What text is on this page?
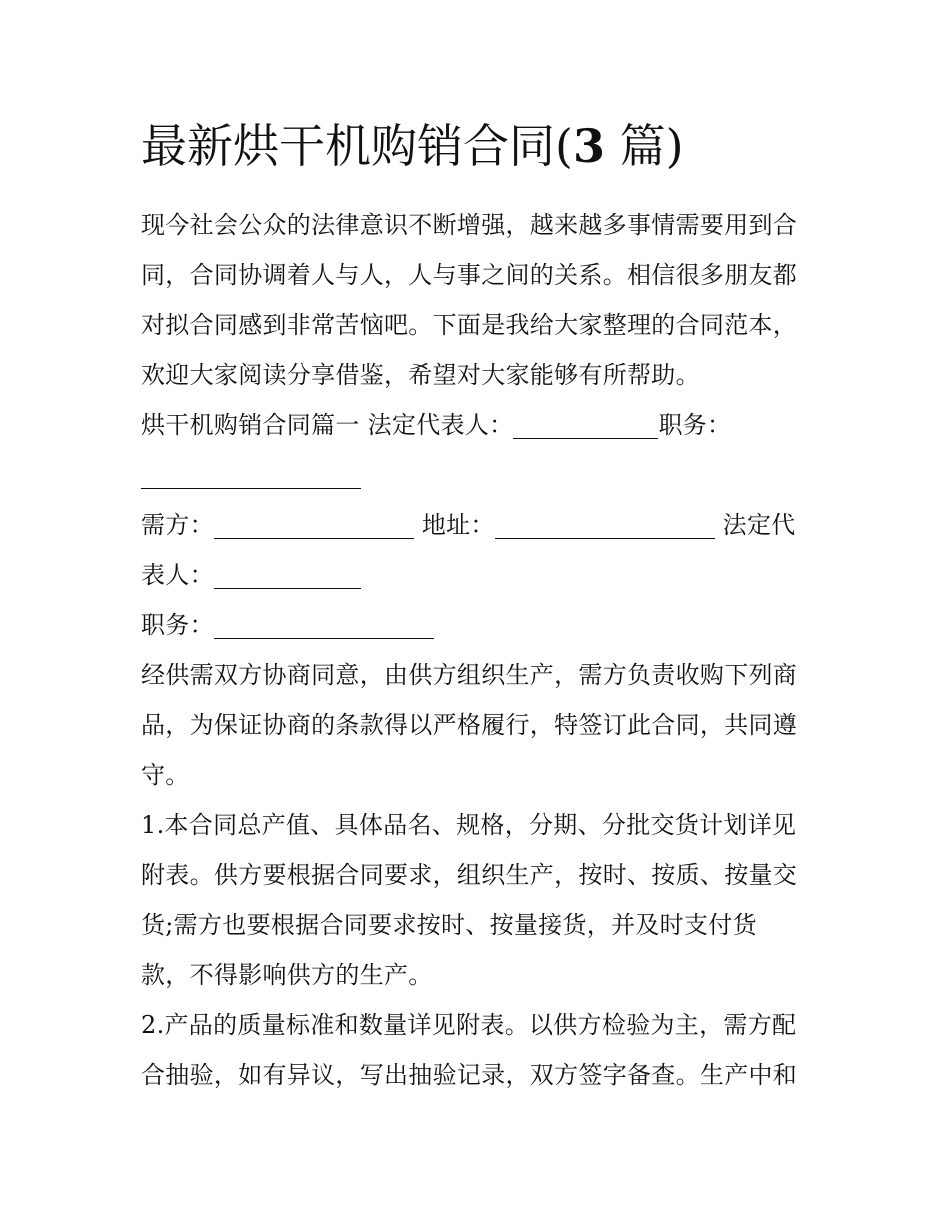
最新烘干机购销合同(3 篇)
现今社会公众的法律意识不断增强，越来越多事情需要用到合
同，合同协调着人与人，人与事之间的关系。相信很多朋友都
对拟合同感到非常苦恼吧。下面是我给大家整理的合同范本，
欢迎大家阅读分享借鉴，希望对大家能够有所帮助。
烘干机购销合同篇一 法定代表人：	职务：
需方：	地址：	法定代
表人：
职务：
经供需双方协商同意，由供方组织生产，需方负责收购下列商
品，为保证协商的条款得以严格履行，特签订此合同，共同遵
守。
1.本合同总产值、具体品名、规格，分期、分批交货计划详见
附表。供方要根据合同要求，组织生产，按时、按质、按量交
货;需方也要根据合同要求按时、按量接货，并及时支付货
款，不得影响供方的生产。
2.产品的质量标准和数量详见附表。以供方检验为主，需方配
合抽验，如有异议，写出抽验记录，双方签字备查。生产中和
